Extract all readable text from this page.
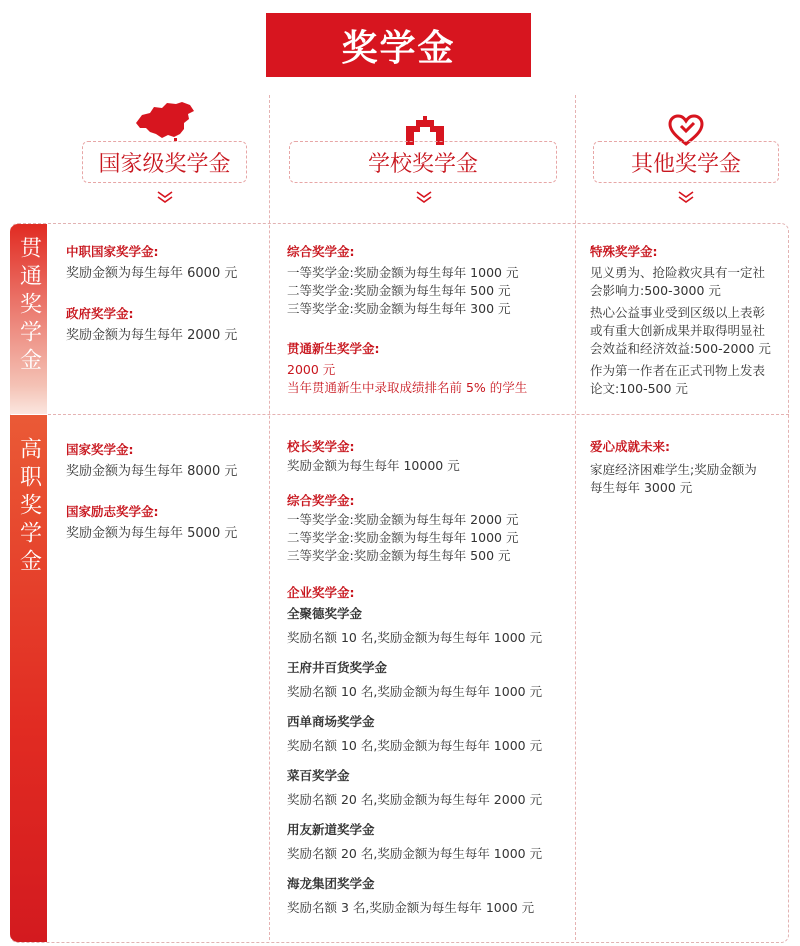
奖学金
国家级奖学金	学校奖学金	其他奖学金
贯通奖学金
高职奖学金
中职国家奖学金:
奖励金额为每生每年 6000 元
政府奖学金:
奖励金额为每生每年 2000 元
综合奖学金:
一等奖学金:奖励金额为每生每年 1000 元
二等奖学金:奖励金额为每生每年 500 元
三等奖学金:奖励金额为每生每年 300 元
贯通新生奖学金:
2000 元
当年贯通新生中录取成绩排名前 5% 的学生
特殊奖学金:
见义勇为、抢险救灾具有一定社
会影响力:500-3000 元
热心公益事业受到区级以上表彰
或有重大创新成果并取得明显社
会效益和经济效益:500-2000 元
作为第一作者在正式刊物上发表
论文:100-500 元
国家奖学金:
奖励金额为每生每年 8000 元
国家励志奖学金:
奖励金额为每生每年 5000 元
校长奖学金:
奖励金额为每生每年 10000 元
综合奖学金:
一等奖学金:奖励金额为每生每年 2000 元
二等奖学金:奖励金额为每生每年 1000 元
三等奖学金:奖励金额为每生每年 500 元
企业奖学金:
全聚德奖学金
奖励名额 10 名,奖励金额为每生每年 1000 元
王府井百货奖学金
奖励名额 10 名,奖励金额为每生每年 1000 元
西单商场奖学金
奖励名额 10 名,奖励金额为每生每年 1000 元
菜百奖学金
奖励名额 20 名,奖励金额为每生每年 2000 元
用友新道奖学金
奖励名额 20 名,奖励金额为每生每年 1000 元
海龙集团奖学金
奖励名额 3 名,奖励金额为每生每年 1000 元
爱心成就未来:
家庭经济困难学生;奖励金额为
每生每年 3000 元
